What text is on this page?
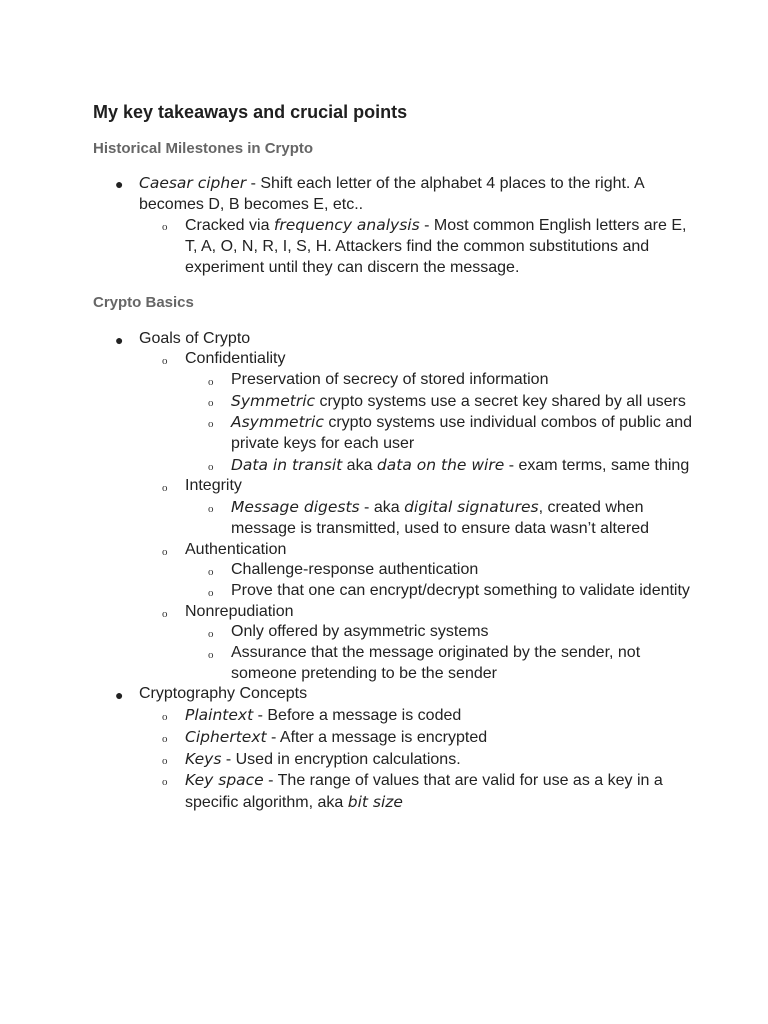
My key takeaways and crucial points
Historical Milestones in Crypto
● Caesar cipher - Shift each letter of the alphabet 4 places to the right. A becomes D, B becomes E, etc..
o Cracked via frequency analysis - Most common English letters are E, T, A, O, N, R, I, S, H. Attackers find the common substitutions and experiment until they can discern the message.
Crypto Basics
● Goals of Crypto
o Confidentiality
o Preservation of secrecy of stored information
o Symmetric crypto systems use a secret key shared by all users
o Asymmetric crypto systems use individual combos of public and private keys for each user
o Data in transit aka data on the wire - exam terms, same thing
o Integrity
o Message digests - aka digital signatures, created when message is transmitted, used to ensure data wasn’t altered
o Authentication
o Challenge-response authentication
o Prove that one can encrypt/decrypt something to validate identity
o Nonrepudiation
o Only offered by asymmetric systems
o Assurance that the message originated by the sender, not someone pretending to be the sender
● Cryptography Concepts
o Plaintext - Before a message is coded
o Ciphertext - After a message is encrypted
o Keys - Used in encryption calculations.
o Key space - The range of values that are valid for use as a key in a specific algorithm, aka bit size
